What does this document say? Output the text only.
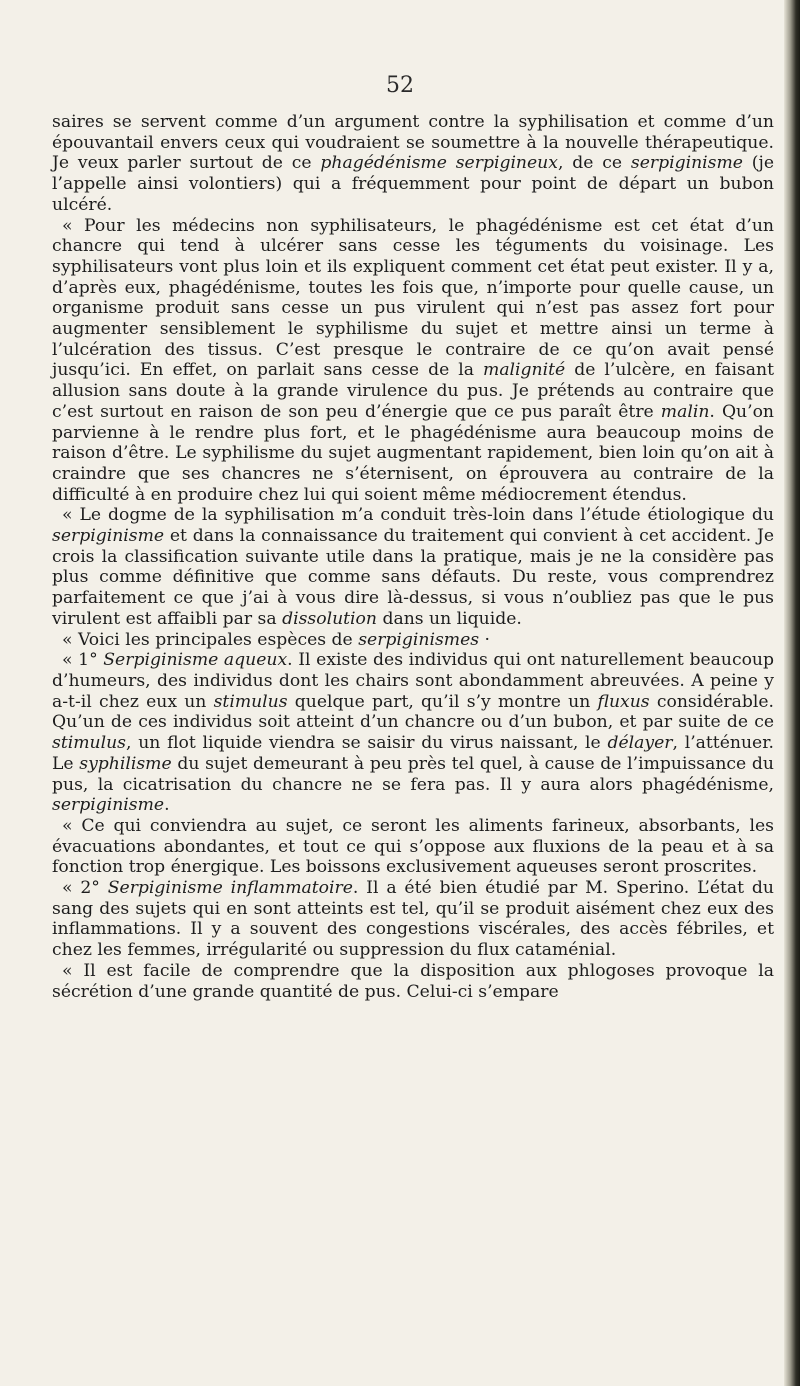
52

saires se servent comme d’un argument contre la syphilisation et comme d’un épouvantail envers ceux qui voudraient se soumettre à la nouvelle thérapeutique. Je veux parler surtout de ce phagédénisme serpigineux, de ce serpiginisme (je l’appelle ainsi volontiers) qui a fréquemment pour point de départ un bubon ulcéré.

« Pour les médecins non syphilisateurs, le phagédénisme est cet état d’un chancre qui tend à ulcérer sans cesse les téguments du voisinage. Les syphilisateurs vont plus loin et ils expliquent comment cet état peut exister. Il y a, d’après eux, phagédénisme, toutes les fois que, n’importe pour quelle cause, un organisme produit sans cesse un pus virulent qui n’est pas assez fort pour augmenter sensiblement le syphilisme du sujet et mettre ainsi un terme à l’ulcération des tissus. C’est presque le contraire de ce qu’on avait pensé jusqu’ici. En effet, on parlait sans cesse de la malignité de l’ulcère, en faisant allusion sans doute à la grande virulence du pus. Je prétends au contraire que c’est surtout en raison de son peu d’énergie que ce pus paraît être malin. Qu’on parvienne à le rendre plus fort, et le phagédénisme aura beaucoup moins de raison d’être. Le syphilisme du sujet augmentant rapidement, bien loin qu’on ait à craindre que ses chancres ne s’éternisent, on éprouvera au contraire de la difficulté à en produire chez lui qui soient même médiocrement étendus.

« Le dogme de la syphilisation m’a conduit très-loin dans l’étude étiologique du serpiginisme et dans la connaissance du traitement qui convient à cet accident. Je crois la classification suivante utile dans la pratique, mais je ne la considère pas plus comme définitive que comme sans défauts. Du reste, vous comprendrez parfaitement ce que j’ai à vous dire là-dessus, si vous n’oubliez pas que le pus virulent est affaibli par sa dissolution dans un liquide.

« Voici les principales espèces de serpiginismes ·

« 1° Serpiginisme aqueux. Il existe des individus qui ont naturellement beaucoup d’humeurs, des individus dont les chairs sont abondamment abreuvées. A peine y a-t-il chez eux un stimulus quelque part, qu’il s’y montre un fluxus considérable. Qu’un de ces individus soit atteint d’un chancre ou d’un bubon, et par suite de ce stimulus, un flot liquide viendra se saisir du virus naissant, le délayer, l’atténuer. Le syphilisme du sujet demeurant à peu près tel quel, à cause de l’impuissance du pus, la cicatrisation du chancre ne se fera pas. Il y aura alors phagédénisme, serpiginisme.

« Ce qui conviendra au sujet, ce seront les aliments farineux, absorbants, les évacuations abondantes, et tout ce qui s’oppose aux fluxions de la peau et à sa fonction trop énergique. Les boissons exclusivement aqueuses seront proscrites.

« 2° Serpiginisme inflammatoire. Il a été bien étudié par M. Sperino. L’état du sang des sujets qui en sont atteints est tel, qu’il se produit aisément chez eux des inflammations. Il y a souvent des congestions viscérales, des accès fébriles, et chez les femmes, irrégularité ou suppression du flux cataménial.

« Il est facile de comprendre que la disposition aux phlogoses provoque la sécrétion d’une grande quantité de pus. Celui-ci s’empare
